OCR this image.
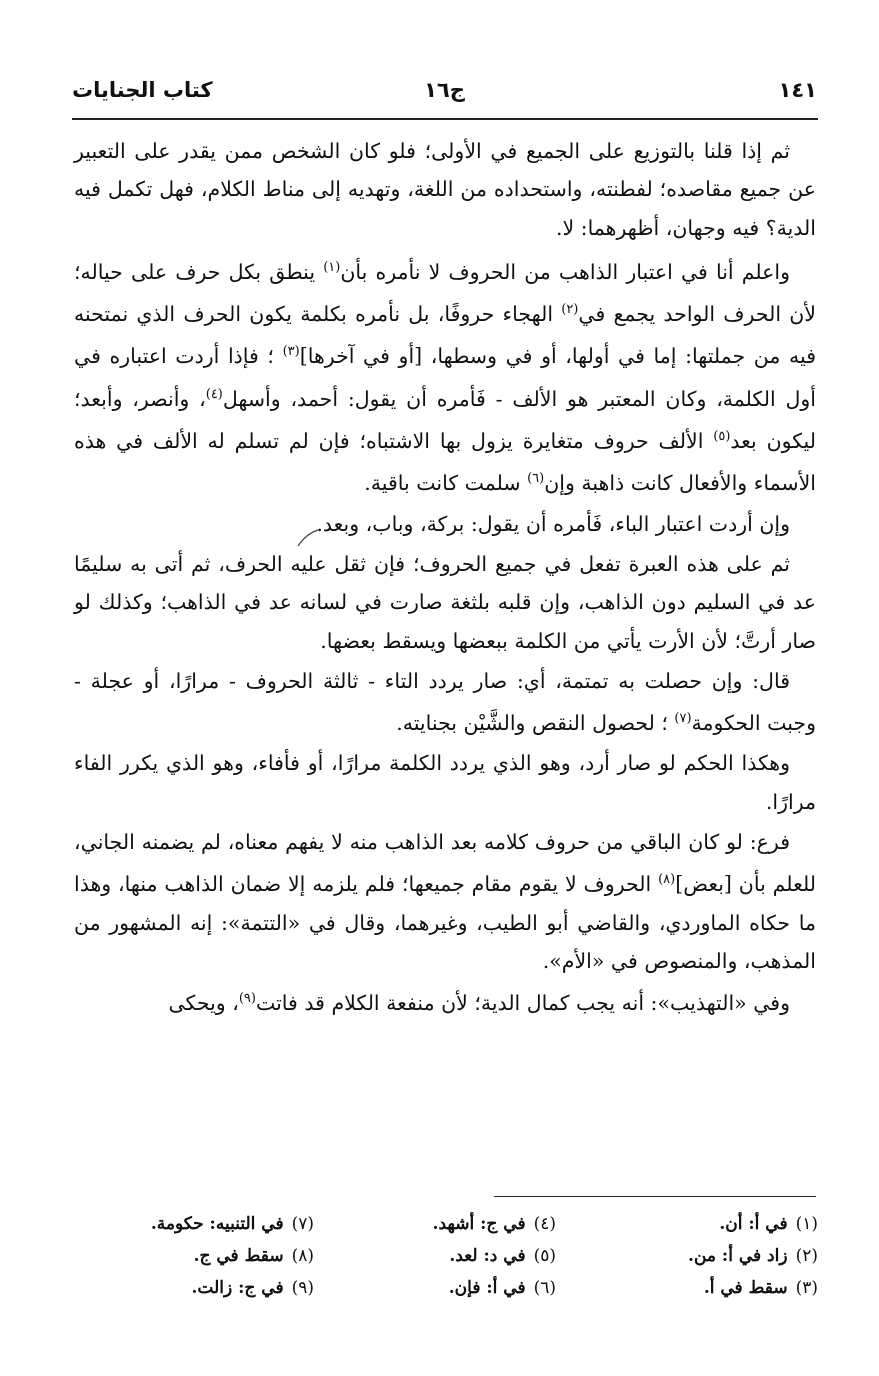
١٤١
ج١٦
كتاب الجنايات

ثم إذا قلنا بالتوزيع على الجميع في الأولى؛ فلو كان الشخص ممن يقدر على التعبير عن جميع مقاصده؛ لفطنته، واستحداده من اللغة، وتهديه إلى مناط الكلام، فهل تكمل فيه الدية؟ فيه وجهان، أظهرهما: لا.

واعلم أنا في اعتبار الذاهب من الحروف لا نأمره بأن$^{(١)}$ ينطق بكل حرف على حياله؛ لأن الحرف الواحد يجمع في$^{(٢)}$ الهجاء حروفًا، بل نأمره بكلمة يكون الحرف الذي نمتحنه فيه من جملتها: إما في أولها، أو في وسطها، [أو في آخرها]$^{(٣)}$ ؛ فإذا أردت اعتباره في أول الكلمة، وكان المعتبر هو الألف - فَأمره أن يقول: أحمد، وأسهل$^{(٤)}$، وأنصر، وأبعد؛ ليكون بعد$^{(٥)}$ الألف حروف متغايرة يزول بها الاشتباه؛ فإن لم تسلم له الألف في هذه الأسماء والأفعال كانت ذاهبة وإن$^{(٦)}$ سلمت كانت باقية.

وإن أردت اعتبار الباء، فَأمره أن يقول: بركة، وباب، وبعد.

ثم على هذه العبرة تفعل في جميع الحروف؛ فإن ثقل عليه الحرف، ثم أتى به سليمًا عد في السليم دون الذاهب، وإن قلبه بلثغة صارت في لسانه عد في الذاهب؛ وكذلك لو صار أرتَّ؛ لأن الأرت يأتي من الكلمة ببعضها ويسقط بعضها.

قال: وإن حصلت به تمتمة، أي: صار يردد التاء - ثالثة الحروف - مرارًا، أو عجلة - وجبت الحكومة$^{(٧)}$ ؛ لحصول النقص والشَّيْن بجنايته.

وهكذا الحكم لو صار أرد، وهو الذي يردد الكلمة مرارًا، أو فأفاء، وهو الذي يكرر الفاء مرارًا.

فرع: لو كان الباقي من حروف كلامه بعد الذاهب منه لا يفهم معناه، لم يضمنه الجاني، للعلم بأن [بعض]$^{(٨)}$ الحروف لا يقوم مقام جميعها؛ فلم يلزمه إلا ضمان الذاهب منها، وهذا ما حكاه الماوردي، والقاضي أبو الطيب، وغيرهما، وقال في «التتمة»: إنه المشهور من المذهب، والمنصوص في «الأم».

وفي «التهذيب»: أنه يجب كمال الدية؛ لأن منفعة الكلام قد فاتت$^{(٩)}$، ويحكى

(١)في أ: أن.
(٢)زاد في أ: من.
(٣)سقط في أ.
(٤)في ج: أشهد.
(٥)في د: لعد.
(٦)في أ: فإن.
(٧)في التنبيه: حكومة.
(٨)سقط في ج.
(٩)في ج: زالت.
